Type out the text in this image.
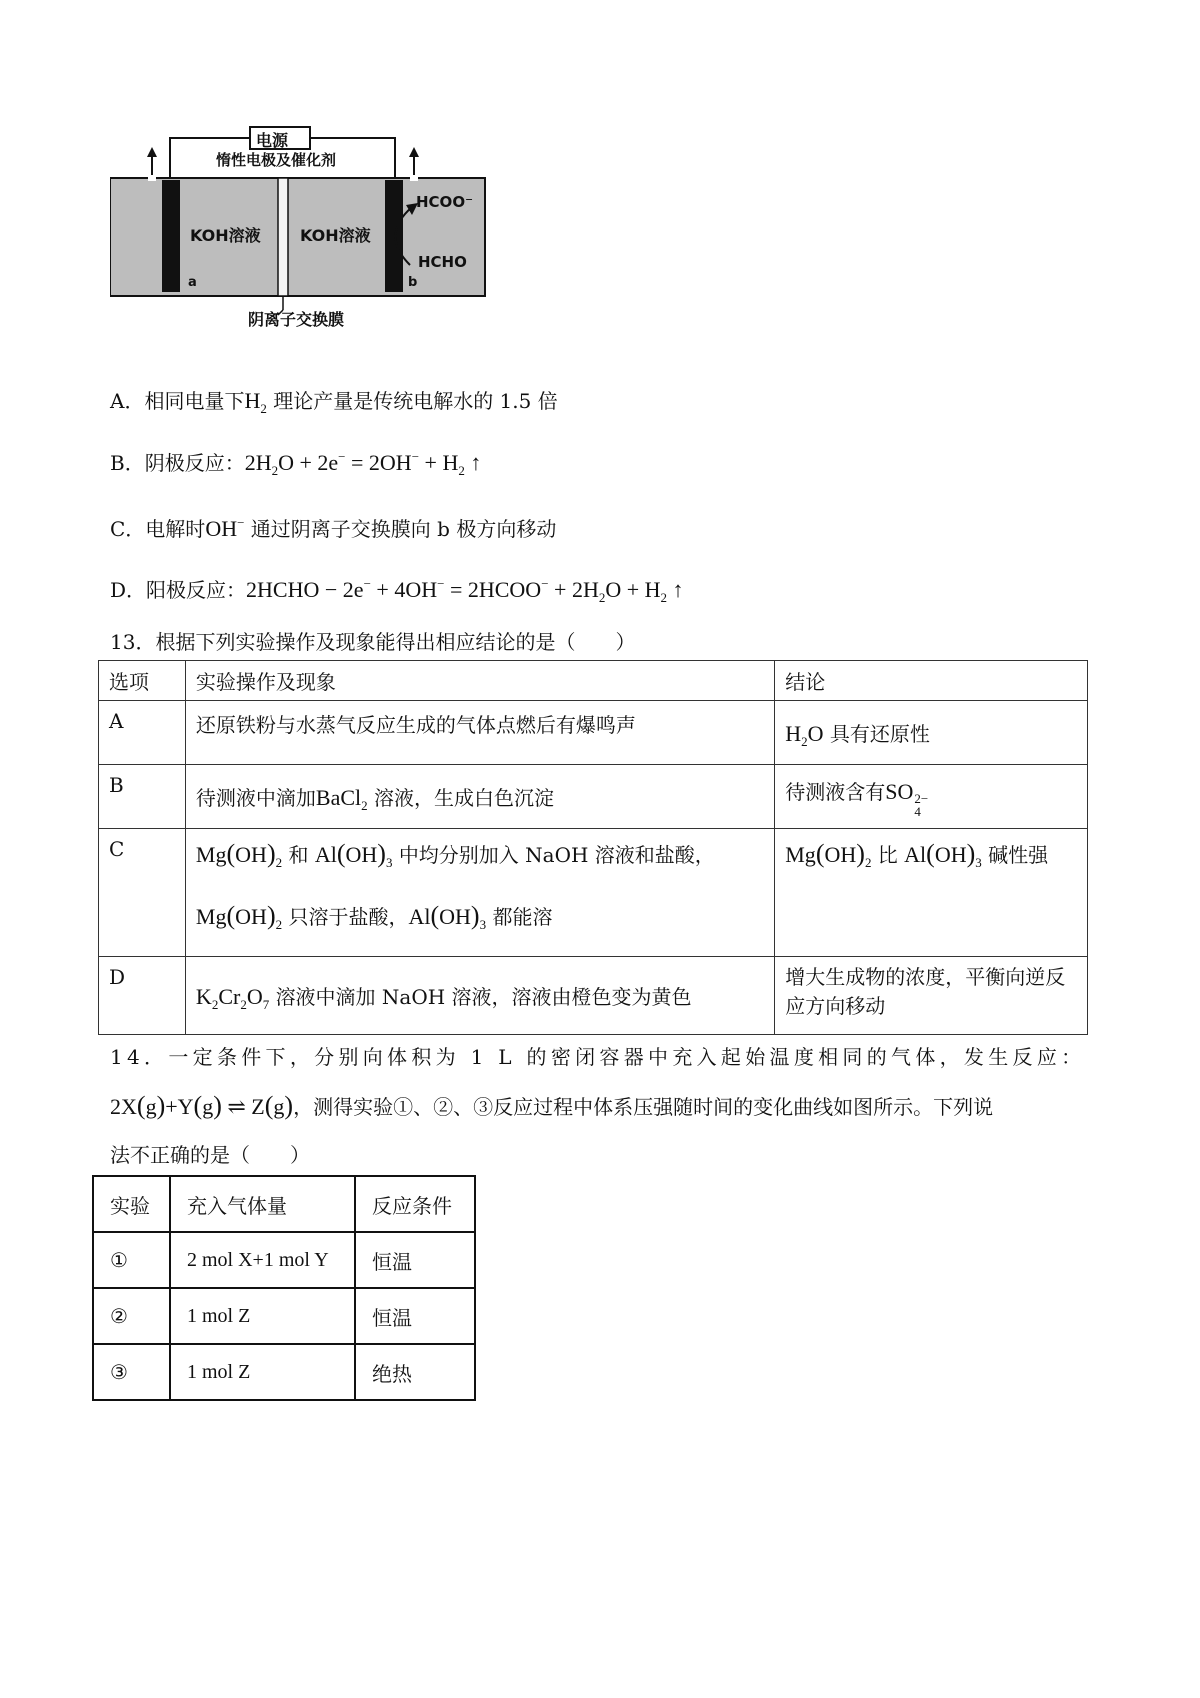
电源
惰性电极及催化剂
KOH溶液 KOH溶液
a	b
HCOO⁻
HCHO
阴离子交换膜
A．相同电量下$H_2$ 理论产量是传统电解水的 1.5 倍
B．阴极反应：$2H_2O + 2e^- = 2OH^- + H_2$ ↑
C．电解时OH− 通过阴离子交换膜向 b 极方向移动
D．阳极反应：2HCHO − 2e− + 4OH− = 2HCOO− + $2H_2O + H_2$ ↑
13．根据下列实验操作及现象能得出相应结论的是（　　）
选项	实验操作及现象	结论
A	还原铁粉与水蒸气反应生成的气体点燃后有爆鸣声	$H_2O$ 具有还原性
B	待测液中滴加BaCl$_2$ 溶液，生成白色沉淀	待测液含有SO 2−
4

C	$Mg(OH)_2$ 和 $Al(OH)_3$ 中均分别加入 NaOH 溶液和盐酸，
$Mg(OH)_2$ 只溶于盐酸，$Al(OH)_3$ 都能溶	$Mg(OH)_2$ 比 $Al(OH)_3$ 碱性强
D	$K_2Cr_2O_7$ 溶液中滴加 NaOH 溶液，溶液由橙色变为黄色	增大生成物的浓度，平衡向逆反应方向移动
14．一定条件下，分别向体积为 1 L 的密闭容器中充入起始温度相同的气体，发生反应：
2X(g)+Y(g) ⇌ Z(g)，测得实验①、②、③反应过程中体系压强随时间的变化曲线如图所示。下列说
法不正确的是（　　）
实验	充入气体量	反应条件
①	2 mol X+1 mol Y	恒温
②	1 mol Z	恒温
③	1 mol Z	绝热
